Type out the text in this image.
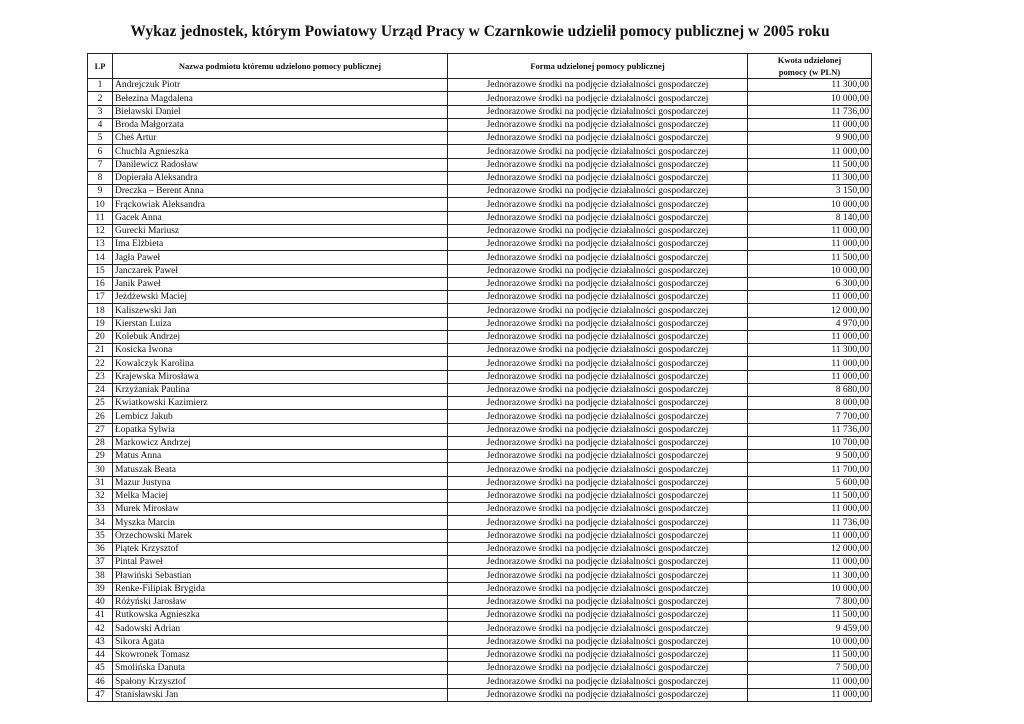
Wykaz jednostek, którym Powiatowy Urząd Pracy w Czarnkowie udzielił pomocy publicznej w 2005 roku
LP	Nazwa podmiotu któremu udzielono pomocy publicznej	Forma udzielonej pomocy publicznej	Kwota udzielonej
pomocy (w PLN)
1	Andrejczuk Piotr	Jednorazowe środki na podjęcie działalności gospodarczej	11 300,00
2	Bełezina Magdalena	Jednorazowe środki na podjęcie działalności gospodarczej	10 000,00
3	Bielawski Daniel	Jednorazowe środki na podjęcie działalności gospodarczej	11 736,00
4	Broda Małgorzata	Jednorazowe środki na podjęcie działalności gospodarczej	11 000,00
5	Cheś Artur	Jednorazowe środki na podjęcie działalności gospodarczej	9 900,00
6	Chuchla Agnieszka	Jednorazowe środki na podjęcie działalności gospodarczej	11 000,00
7	Danilewicz Radosław	Jednorazowe środki na podjęcie działalności gospodarczej	11 500,00
8	Dopierała Aleksandra	Jednorazowe środki na podjęcie działalności gospodarczej	11 300,00
9	Dreczka – Berent Anna	Jednorazowe środki na podjęcie działalności gospodarczej	3 150,00
10	Frąckowiak Aleksandra	Jednorazowe środki na podjęcie działalności gospodarczej	10 000,00
11	Gacek Anna	Jednorazowe środki na podjęcie działalności gospodarczej	8 140,00
12	Gurecki Mariusz	Jednorazowe środki na podjęcie działalności gospodarczej	11 000,00
13	Ima Elżbieta	Jednorazowe środki na podjęcie działalności gospodarczej	11 000,00
14	Jagła Paweł	Jednorazowe środki na podjęcie działalności gospodarczej	11 500,00
15	Janczarek Paweł	Jednorazowe środki na podjęcie działalności gospodarczej	10 000,00
16	Janik Paweł	Jednorazowe środki na podjęcie działalności gospodarczej	6 300,00
17	Jeżdżewski Maciej	Jednorazowe środki na podjęcie działalności gospodarczej	11 000,00
18	Kaliszewski Jan	Jednorazowe środki na podjęcie działalności gospodarczej	12 000,00
19	Kierstan Luiza	Jednorazowe środki na podjęcie działalności gospodarczej	4 970,00
20	Kolebuk Andrzej	Jednorazowe środki na podjęcie działalności gospodarczej	11 000,00
21	Kosicka Iwona	Jednorazowe środki na podjęcie działalności gospodarczej	11 300,00
22	Kowalczyk Karolina	Jednorazowe środki na podjęcie działalności gospodarczej	11 000,00
23	Krajewska Mirosława	Jednorazowe środki na podjęcie działalności gospodarczej	11 000,00
24	Krzyżaniak Paulina	Jednorazowe środki na podjęcie działalności gospodarczej	8 680,00
25	Kwiatkowski Kazimierz	Jednorazowe środki na podjęcie działalności gospodarczej	8 000,00
26	Lembicz Jakub	Jednorazowe środki na podjęcie działalności gospodarczej	7 700,00
27	Łopatka Sylwia	Jednorazowe środki na podjęcie działalności gospodarczej	11 736,00
28	Markowicz Andrzej	Jednorazowe środki na podjęcie działalności gospodarczej	10 700,00
29	Matus Anna	Jednorazowe środki na podjęcie działalności gospodarczej	9 500,00
30	Matuszak Beata	Jednorazowe środki na podjęcie działalności gospodarczej	11 700,00
31	Mazur Justyna	Jednorazowe środki na podjęcie działalności gospodarczej	5 600,00
32	Melka Maciej	Jednorazowe środki na podjęcie działalności gospodarczej	11 500,00
33	Murek Mirosław	Jednorazowe środki na podjęcie działalności gospodarczej	11 000,00
34	Myszka Marcin	Jednorazowe środki na podjęcie działalności gospodarczej	11 736,00
35	Orzechowski Marek	Jednorazowe środki na podjęcie działalności gospodarczej	11 000,00
36	Piątek Krzysztof	Jednorazowe środki na podjęcie działalności gospodarczej	12 000,00
37	Pintal Paweł	Jednorazowe środki na podjęcie działalności gospodarczej	11 000,00
38	Pławiński Sebastian	Jednorazowe środki na podjęcie działalności gospodarczej	11 300,00
39	Renke-Filipiak Brygida	Jednorazowe środki na podjęcie działalności gospodarczej	10 000,00
40	Różyński Jarosław	Jednorazowe środki na podjęcie działalności gospodarczej	7 800,00
41	Rutkowska Agnieszka	Jednorazowe środki na podjęcie działalności gospodarczej	11 500,00
42	Sadowski Adrian	Jednorazowe środki na podjęcie działalności gospodarczej	9 459,00
43	Sikora Agata	Jednorazowe środki na podjęcie działalności gospodarczej	10 000,00
44	Skowronek Tomasz	Jednorazowe środki na podjęcie działalności gospodarczej	11 500,00
45	Smolińska Danuta	Jednorazowe środki na podjęcie działalności gospodarczej	7 500,00
46	Spałony Krzysztof	Jednorazowe środki na podjęcie działalności gospodarczej	11 000,00
47	Stanisławski Jan	Jednorazowe środki na podjęcie działalności gospodarczej	11 000,00
